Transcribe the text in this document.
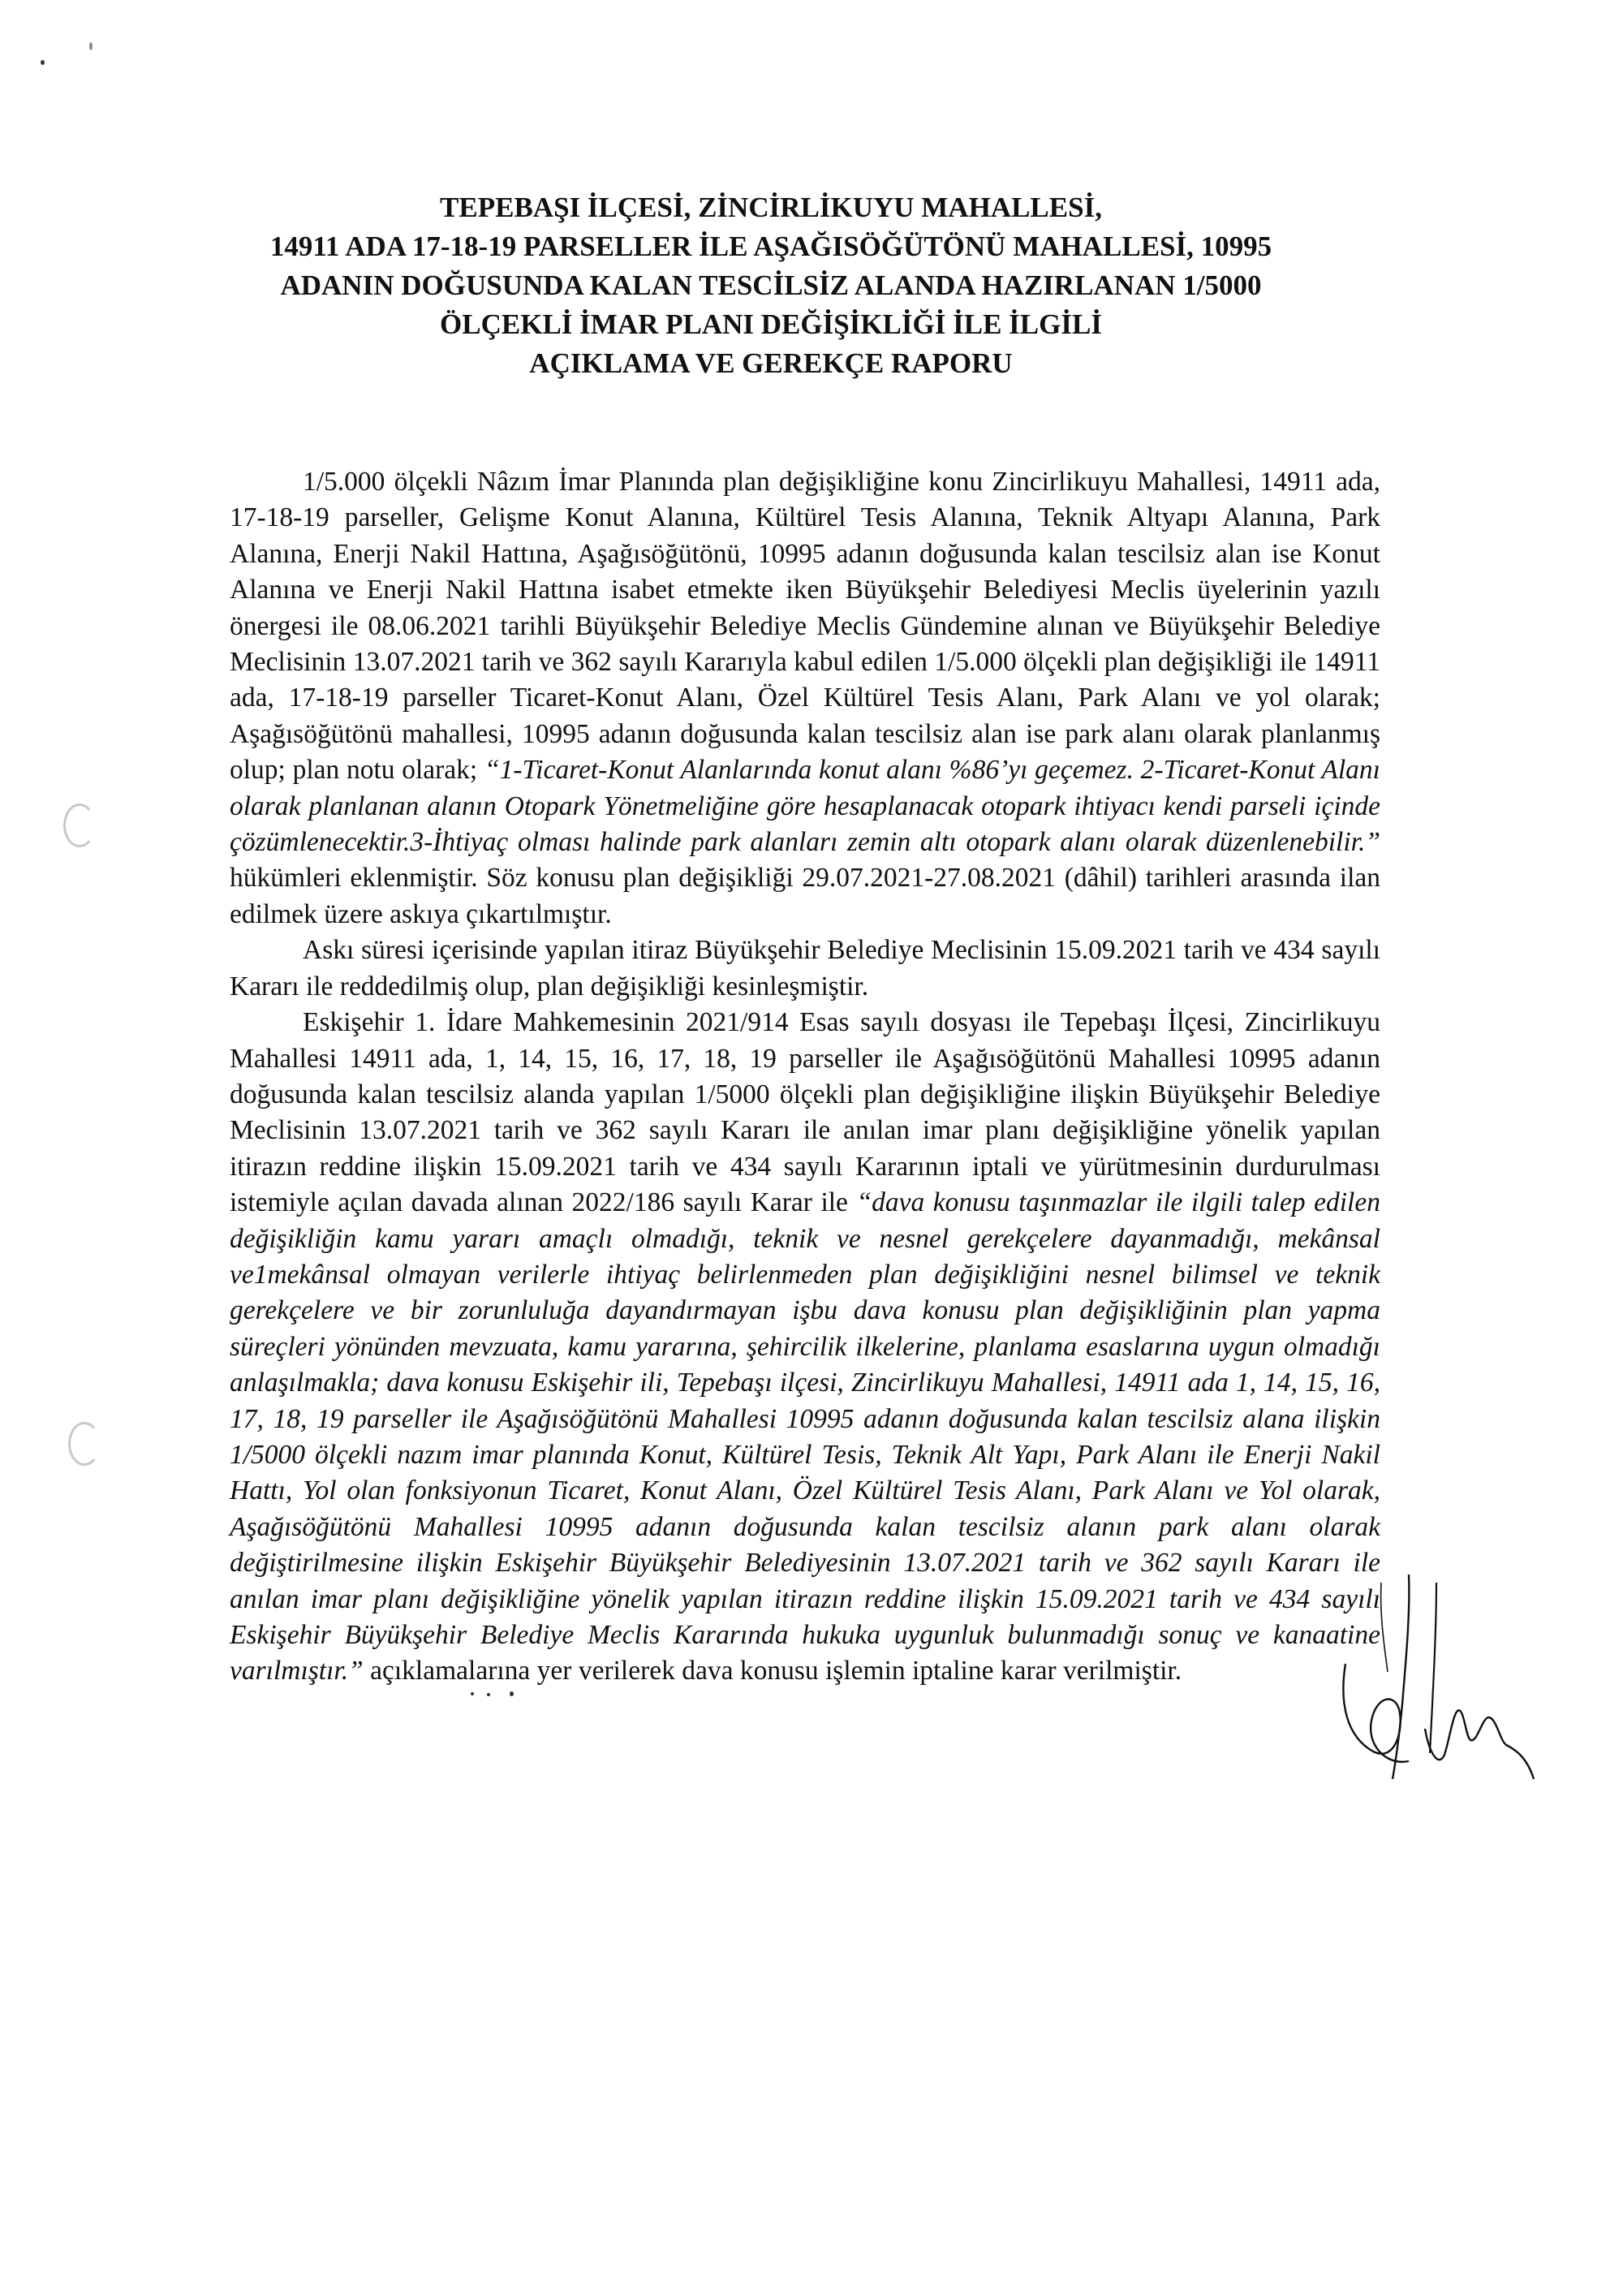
TEPEBAŞI İLÇESİ, ZİNCİRLİKUYU MAHALLESİ,
14911 ADA 17-18-19 PARSELLER İLE AŞAĞISÖĞÜTÖNÜ MAHALLESİ, 10995
ADANIN DOĞUSUNDA KALAN TESCİLSİZ ALANDA HAZIRLANAN 1/5000
ÖLÇEKLİ İMAR PLANI DEĞİŞİKLİĞİ İLE İLGİLİ
AÇIKLAMA VE GEREKÇE RAPORU

1/5.000 ölçekli Nâzım İmar Planında plan değişikliğine konu Zincirlikuyu Mahallesi, 14911 ada, 17-18-19 parseller, Gelişme Konut Alanına, Kültürel Tesis Alanına, Teknik Altyapı Alanına, Park Alanına, Enerji Nakil Hattına, Aşağısöğütönü, 10995 adanın doğusunda kalan tescilsiz alan ise Konut Alanına ve Enerji Nakil Hattına isabet etmekte iken Büyükşehir Belediyesi Meclis üyelerinin yazılı önergesi ile 08.06.2021 tarihli Büyükşehir Belediye Meclis Gündemine alınan ve Büyükşehir Belediye Meclisinin 13.07.2021 tarih ve 362 sayılı Kararıyla kabul edilen 1/5.000 ölçekli plan değişikliği ile 14911 ada, 17-18-19 parseller Ticaret-Konut Alanı, Özel Kültürel Tesis Alanı, Park Alanı ve yol olarak; Aşağısöğütönü mahallesi, 10995 adanın doğusunda kalan tescilsiz alan ise park alanı olarak planlanmış olup; plan notu olarak; “1-Ticaret-Konut Alanlarında konut alanı %86’yı geçemez. 2-Ticaret-Konut Alanı olarak planlanan alanın Otopark Yönetmeliğine göre hesaplanacak otopark ihtiyacı kendi parseli içinde çözümlenecektir.3-İhtiyaç olması halinde park alanları zemin altı otopark alanı olarak düzenlenebilir.” hükümleri eklenmiştir. Söz konusu plan değişikliği 29.07.2021-27.08.2021 (dâhil) tarihleri arasında ilan edilmek üzere askıya çıkartılmıştır.

Askı süresi içerisinde yapılan itiraz Büyükşehir Belediye Meclisinin 15.09.2021 tarih ve 434 sayılı Kararı ile reddedilmiş olup, plan değişikliği kesinleşmiştir.

Eskişehir 1. İdare Mahkemesinin 2021/914 Esas sayılı dosyası ile Tepebaşı İlçesi, Zincirlikuyu Mahallesi 14911 ada, 1, 14, 15, 16, 17, 18, 19 parseller ile Aşağısöğütönü Mahallesi 10995 adanın doğusunda kalan tescilsiz alanda yapılan 1/5000 ölçekli plan değişikliğine ilişkin Büyükşehir Belediye Meclisinin 13.07.2021 tarih ve 362 sayılı Kararı ile anılan imar planı değişikliğine yönelik yapılan itirazın reddine ilişkin 15.09.2021 tarih ve 434 sayılı Kararının iptali ve yürütmesinin durdurulması istemiyle açılan davada alınan 2022/186 sayılı Karar ile “dava konusu taşınmazlar ile ilgili talep edilen değişikliğin kamu yararı amaçlı olmadığı, teknik ve nesnel gerekçelere dayanmadığı, mekânsal ve1mekânsal olmayan verilerle ihtiyaç belirlenmeden plan değişikliğini nesnel bilimsel ve teknik gerekçelere ve bir zorunluluğa dayandırmayan işbu dava konusu plan değişikliğinin plan yapma süreçleri yönünden mevzuata, kamu yararına, şehircilik ilkelerine, planlama esaslarına uygun olmadığı anlaşılmakla; dava konusu Eskişehir ili, Tepebaşı ilçesi, Zincirlikuyu Mahallesi, 14911 ada 1, 14, 15, 16, 17, 18, 19 parseller ile Aşağısöğütönü Mahallesi 10995 adanın doğusunda kalan tescilsiz alana ilişkin 1/5000 ölçekli nazım imar planında Konut, Kültürel Tesis, Teknik Alt Yapı, Park Alanı ile Enerji Nakil Hattı, Yol olan fonksiyonun Ticaret, Konut Alanı, Özel Kültürel Tesis Alanı, Park Alanı ve Yol olarak, Aşağısöğütönü Mahallesi 10995 adanın doğusunda kalan tescilsiz alanın park alanı olarak değiştirilmesine ilişkin Eskişehir Büyükşehir Belediyesinin 13.07.2021 tarih ve 362 sayılı Kararı ile anılan imar planı değişikliğine yönelik yapılan itirazın reddine ilişkin 15.09.2021 tarih ve 434 sayılı Eskişehir Büyükşehir Belediye Meclis Kararında hukuka uygunluk bulunmadığı sonuç ve kanaatine varılmıştır.” açıklamalarına yer verilerek dava konusu işlemin iptaline karar verilmiştir.
